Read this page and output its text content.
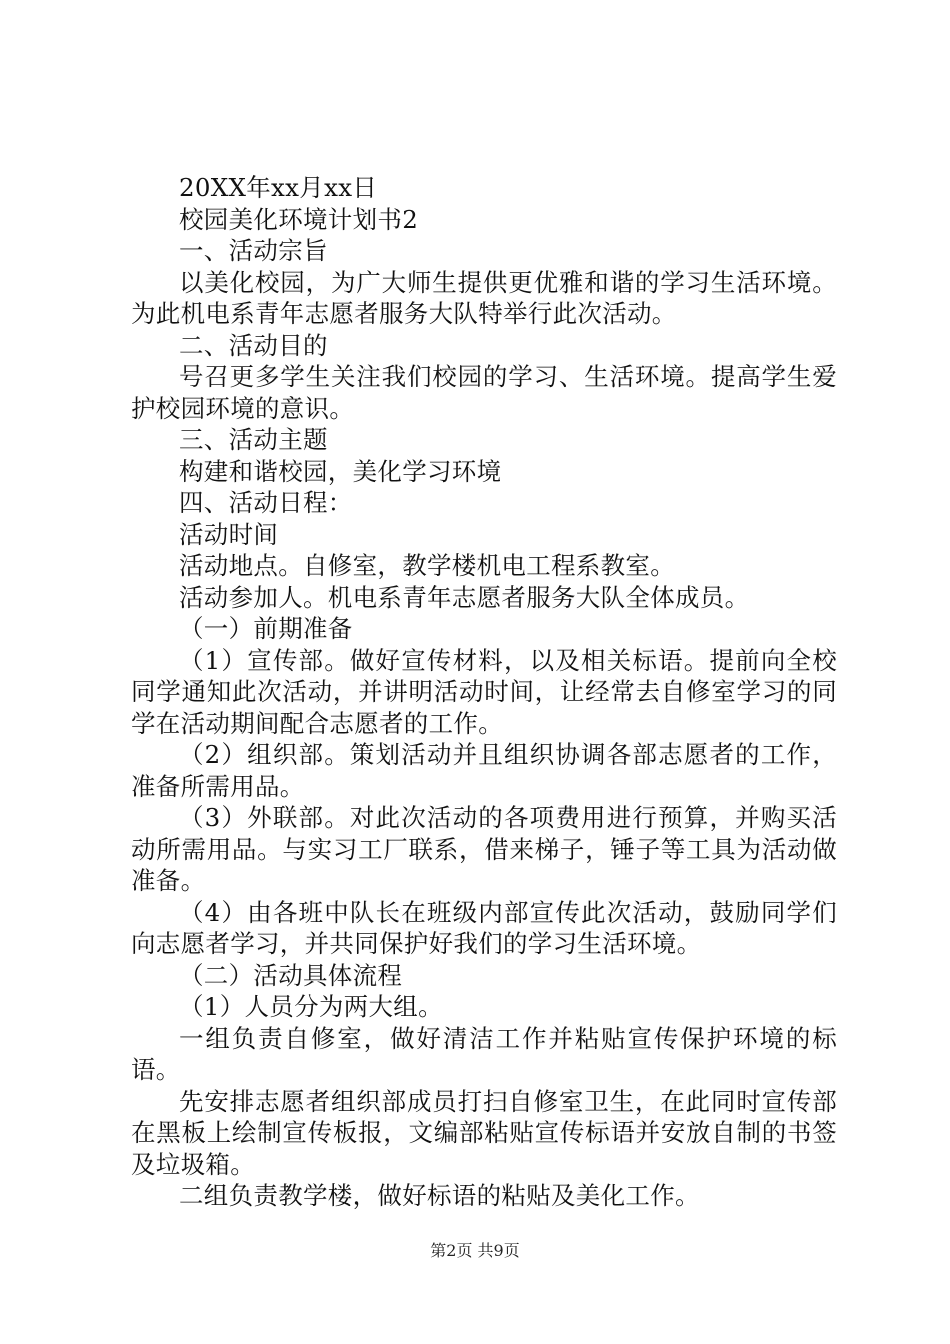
20XX年xx月xx日
校园美化环境计划书2
一、活动宗旨

以美化校园，为广大师生提供更优雅和谐的学习生活环境。为此机电系青年志愿者服务大队特举行此次活动。

二、活动目的

号召更多学生关注我们校园的学习、生活环境。提高学生爱护校园环境的意识。

三、活动主题
构建和谐校园，美化学习环境
四、活动日程：
活动时间
活动地点。自修室，教学楼机电工程系教室。
活动参加人。机电系青年志愿者服务大队全体成员。
（一）前期准备

（1）宣传部。做好宣传材料，以及相关标语。提前向全校同学通知此次活动，并讲明活动时间，让经常去自修室学习的同学在活动期间配合志愿者的工作。

（2）组织部。策划活动并且组织协调各部志愿者的工作，准备所需用品。

（3）外联部。对此次活动的各项费用进行预算，并购买活动所需用品。与实习工厂联系，借来梯子，锤子等工具为活动做准备。

（4）由各班中队长在班级内部宣传此次活动，鼓励同学们向志愿者学习，并共同保护好我们的学习生活环境。

（二）活动具体流程
（1）人员分为两大组。

一组负责自修室，做好清洁工作并粘贴宣传保护环境的标语。

先安排志愿者组织部成员打扫自修室卫生，在此同时宣传部在黑板上绘制宣传板报，文编部粘贴宣传标语并安放自制的书签及垃圾箱。

二组负责教学楼，做好标语的粘贴及美化工作。
第2页 共9页
